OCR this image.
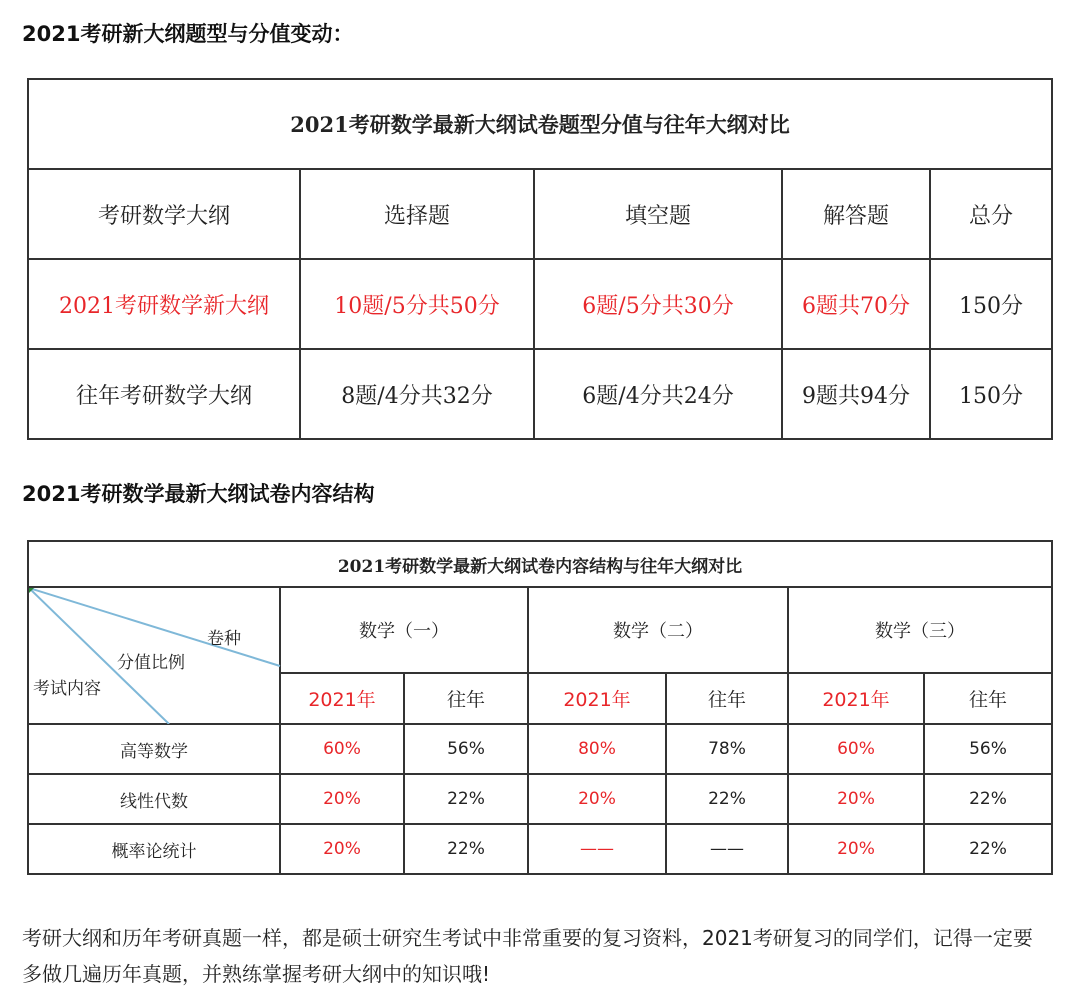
2021考研新大纲题型与分值变动：
2021考研数学最新大纲试卷题型分值与往年大纲对比				
考研数学大纲	选择题	填空题	解答题	总分
2021考研数学新大纲	10题/5分共50分	6题/5分共30分	6题共70分	150分
往年考研数学大纲	8题/4分共32分	6题/4分共24分	9题共94分	150分
2021考研数学最新大纲试卷内容结构
2021考研数学最新大纲试卷内容结构与往年大纲对比						

卷种
分值比例
考试内容	数学（一）		数学（二）		数学（三）	
	2021年	往年	2021年	往年	2021年	往年
高等数学	60%	56%	80%	78%	60%	56%
线性代数	20%	22%	20%	22%	20%	22%
概率论统计	20%	22%	——	——	20%	22%
考研大纲和历年考研真题一样，都是硕士研究生考试中非常重要的复习资料，2021考研复习的同学们，记得一定要多做几遍历年真题，并熟练掌握考研大纲中的知识哦!
